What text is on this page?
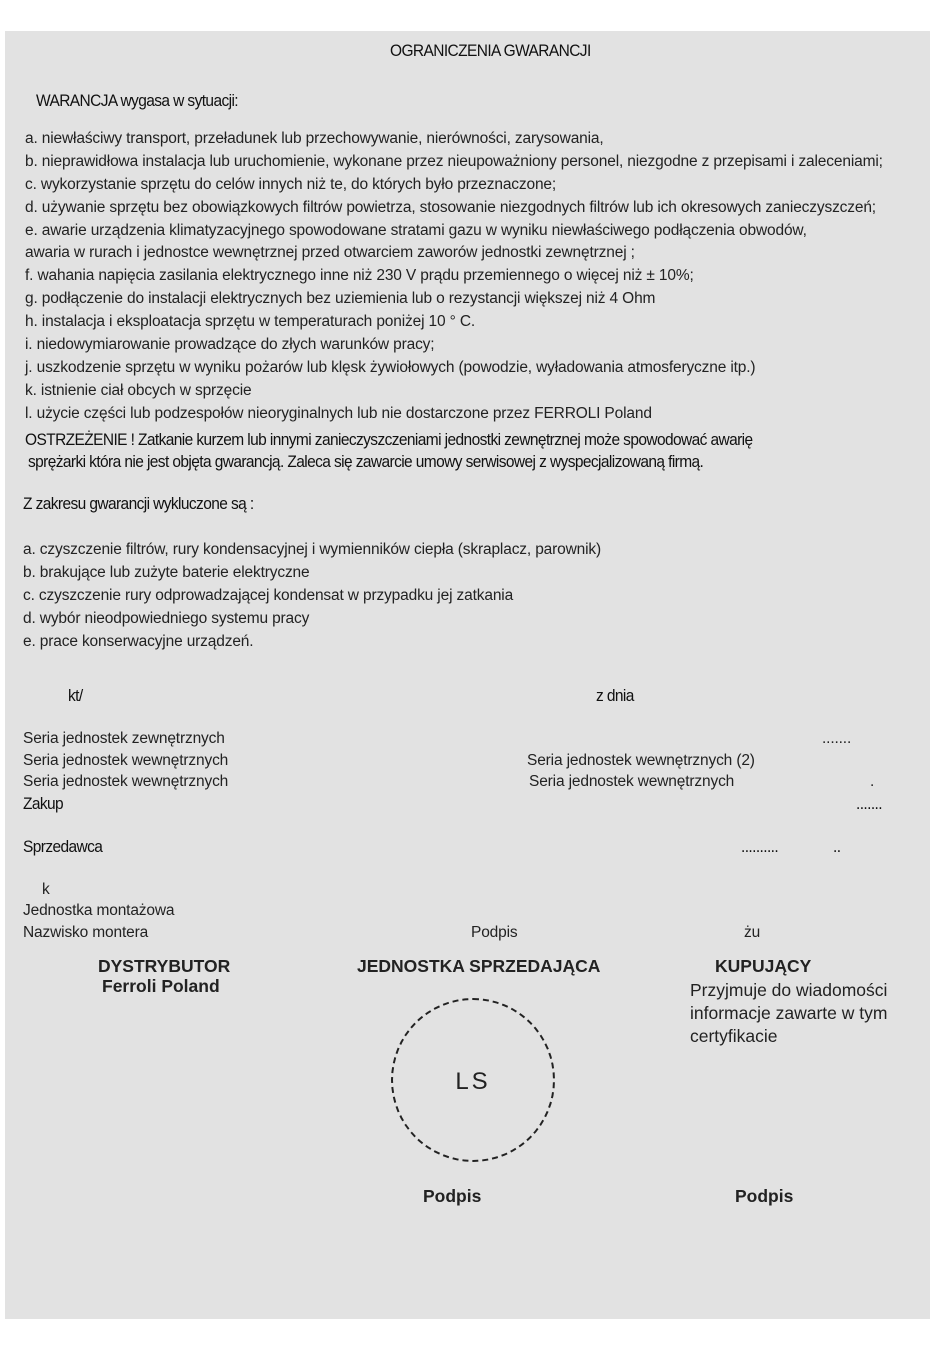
OGRANICZENIA GWARANCJI
WARANCJA wygasa w sytuacji:
a. niewłaściwy transport, przeładunek lub przechowywanie, nierówności, zarysowania,
b. nieprawidłowa instalacja lub uruchomienie, wykonane przez nieupoważniony personel, niezgodne z przepisami i zaleceniami;
c. wykorzystanie sprzętu do celów innych niż te, do których było przeznaczone;
d. używanie sprzętu bez obowiązkowych filtrów powietrza, stosowanie niezgodnych filtrów lub ich okresowych zanieczyszczeń;
e. awarie urządzenia klimatyzacyjnego spowodowane stratami gazu w wyniku niewłaściwego podłączenia obwodów,
awaria w rurach i jednostce wewnętrznej przed otwarciem zaworów jednostki zewnętrznej ;
f. wahania napięcia zasilania elektrycznego inne niż 230 V prądu przemiennego o więcej niż ± 10%;
g. podłączenie do instalacji elektrycznych bez uziemienia lub o rezystancji większej niż 4 Ohm
h. instalacja i eksploatacja sprzętu w temperaturach poniżej 10 ° C.
i. niedowymiarowanie prowadzące do złych warunków pracy;
j. uszkodzenie sprzętu w wyniku pożarów lub klęsk żywiołowych (powodzie, wyładowania atmosferyczne itp.)
k. istnienie ciał obcych w sprzęcie
l. użycie części lub podzespołów nieoryginalnych lub nie dostarczone przez FERROLI Poland
OSTRZEŻENIE ! Zatkanie kurzem lub innymi zanieczyszczeniami jednostki zewnętrznej może spowodować awarię
sprężarki która nie jest objęta gwarancją. Zaleca się zawarcie umowy serwisowej z wyspecjalizowaną firmą.
Z zakresu gwarancji wykluczone są :
a. czyszczenie filtrów, rury kondensacyjnej i wymienników ciepła (skraplacz, parownik)
b. brakujące lub zużyte baterie elektryczne
c. czyszczenie rury odprowadzającej kondensat w przypadku jej zatkania
d. wybór nieodpowiedniego systemu pracy
e. prace konserwacyjne urządzeń.
kt/	z dnia
Seria jednostek zewnętrznych	.......
Seria jednostek wewnętrznych	Seria jednostek wewnętrznych (2)
Seria jednostek wewnętrznych	Seria jednostek wewnętrznych	.
Zakup	.......
Sprzedawca	..........	..
k
Jednostka montażowa
Nazwisko montera	Podpis	żu
DYSTRYBUTOR
Ferroli Poland
JEDNOSTKA SPRZEDAJĄCA	KUPUJĄCY
Przyjmuje do wiadomości
informacje zawarte w tym
certyfikacie
LS
Podpis	Podpis
